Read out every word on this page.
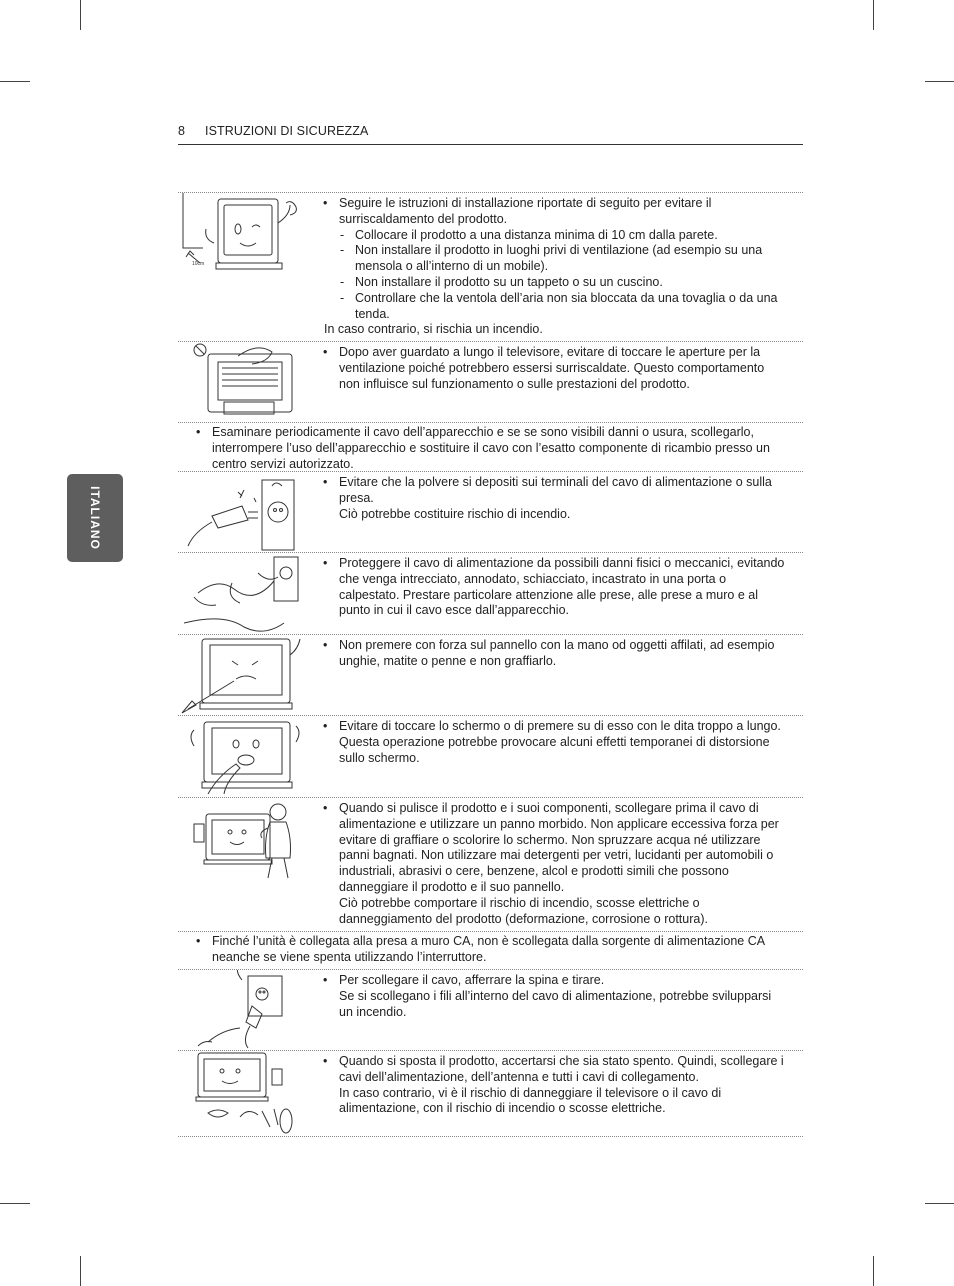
8 ISTRUZIONI DI SICUREZZA
ITALIANO
10cm

• Seguire le istruzioni di installazione riportate di seguito per evitare il surriscaldamento del prodotto.

- Collocare il prodotto a una distanza minima di 10 cm dalla parete.

- Non installare il prodotto in luoghi privi di ventilazione (ad esempio su una mensola o all’interno di un mobile).

- Non installare il prodotto su un tappeto o su un cuscino.

- Controllare che la ventola dell’aria non sia bloccata da una tovaglia o da una tenda.

In caso contrario, si rischia un incendio.

• Dopo aver guardato a lungo il televisore, evitare di toccare le aperture per la ventilazione poiché potrebbero essersi surriscaldate. Questo comportamento non influisce sul funzionamento o sulle prestazioni del prodotto.

• Esaminare periodicamente il cavo dell’apparecchio e se se sono visibili danni o usura, scollegarlo, interrompere l’uso dell’apparecchio e sostituire il cavo con l’esatto componente di ricambio presso un centro servizi autorizzato.

• Evitare che la polvere si depositi sui terminali del cavo di alimentazione o sulla presa.

Ciò potrebbe costituire rischio di incendio.

• Proteggere il cavo di alimentazione da possibili danni fisici o meccanici, evitando che venga intrecciato, annodato, schiacciato, incastrato in una porta o calpestato. Prestare particolare attenzione alle prese, alle prese a muro e al punto in cui il cavo esce dall’apparecchio.

• Non premere con forza sul pannello con la mano od oggetti affilati, ad esempio unghie, matite o penne e non graffiarlo.

• Evitare di toccare lo schermo o di premere su di esso con le dita troppo a lungo. Questa operazione potrebbe provocare alcuni effetti temporanei di distorsione sullo schermo.

• Quando si pulisce il prodotto e i suoi componenti, scollegare prima il cavo di alimentazione e utilizzare un panno morbido. Non applicare eccessiva forza per evitare di graffiare o scolorire lo schermo. Non spruzzare acqua né utilizzare panni bagnati. Non utilizzare mai detergenti per vetri, lucidanti per automobili o industriali, abrasivi o cere, benzene, alcol e prodotti simili che possono danneggiare il prodotto e il suo pannello.

Ciò potrebbe comportare il rischio di incendio, scosse elettriche o danneggiamento del prodotto (deformazione, corrosione o rottura).

• Finché l’unità è collegata alla presa a muro CA, non è scollegata dalla sorgente di alimentazione CA neanche se viene spenta utilizzando l’interruttore.

• Per scollegare il cavo, afferrare la spina e tirare.

Se si scollegano i fili all’interno del cavo di alimentazione, potrebbe svilupparsi un incendio.

• Quando si sposta il prodotto, accertarsi che sia stato spento. Quindi, scollegare i cavi dell’alimentazione, dell’antenna e tutti i cavi di collegamento.

In caso contrario, vi è il rischio di danneggiare il televisore o il cavo di alimentazione, con il rischio di incendio o scosse elettriche.
